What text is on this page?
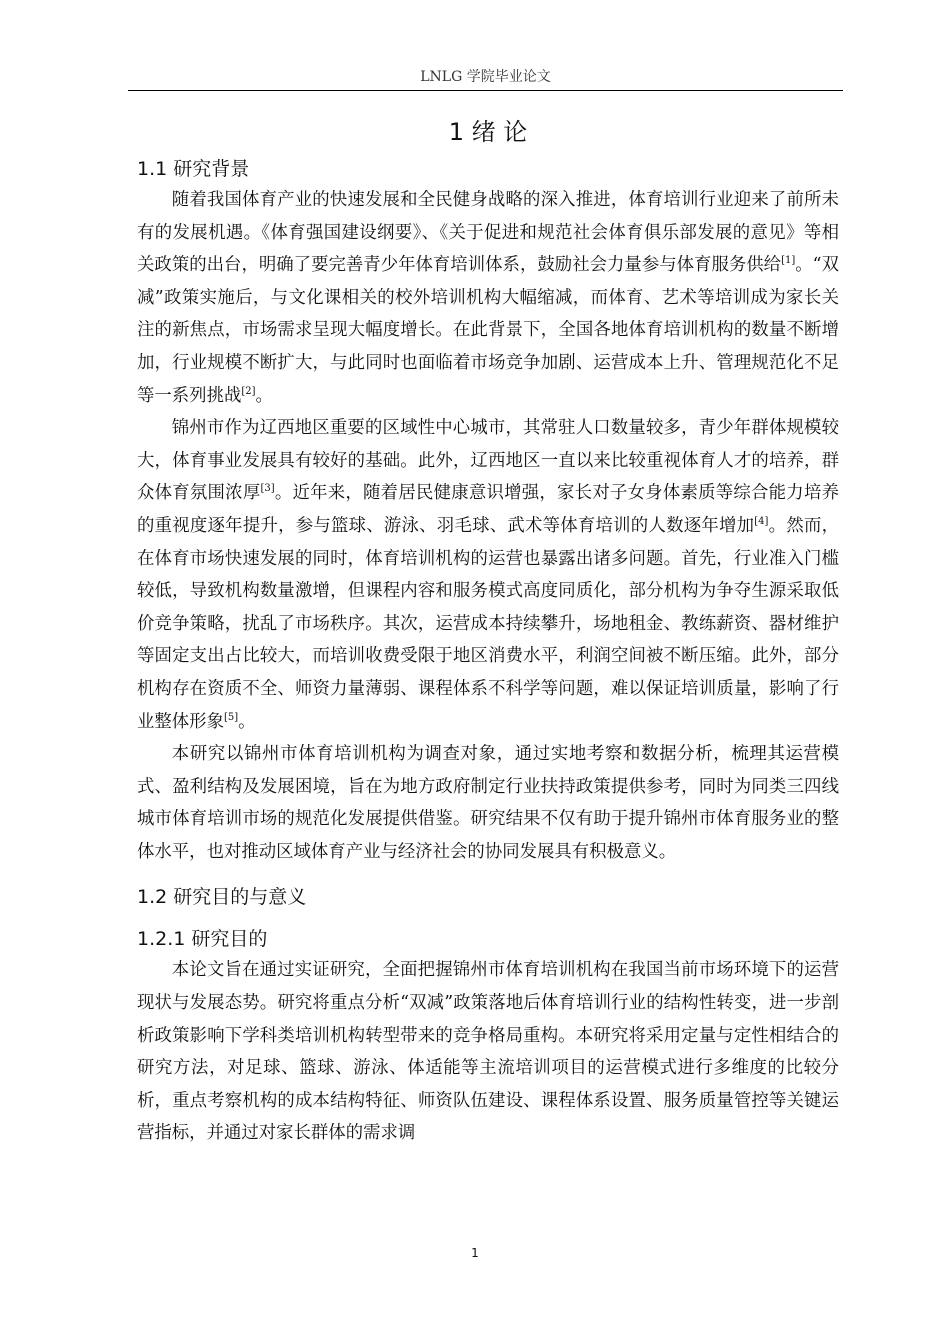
LNLG 学院毕业论文
1 绪 论
1.1 研究背景

随着我国体育产业的快速发展和全民健身战略的深入推进，体育培训行业迎来了前所未有的发展机遇。《体育强国建设纲要》、《关于促进和规范社会体育俱乐部发展的意见》等相关政策的出台，明确了要完善青少年体育培训体系，鼓励社会力量参与体育服务供给[1]。“双减”政策实施后，与文化课相关的校外培训机构大幅缩减，而体育、艺术等培训成为家长关注的新焦点，市场需求呈现大幅度增长。在此背景下，全国各地体育培训机构的数量不断增加，行业规模不断扩大，与此同时也面临着市场竞争加剧、运营成本上升、管理规范化不足等一系列挑战[2]。

锦州市作为辽西地区重要的区域性中心城市，其常驻人口数量较多，青少年群体规模较大，体育事业发展具有较好的基础。此外，辽西地区一直以来比较重视体育人才的培养，群众体育氛围浓厚[3]。近年来，随着居民健康意识增强，家长对子女身体素质等综合能力培养的重视度逐年提升，参与篮球、游泳、羽毛球、武术等体育培训的人数逐年增加[4]。然而，在体育市场快速发展的同时，体育培训机构的运营也暴露出诸多问题。首先，行业准入门槛较低，导致机构数量激增，但课程内容和服务模式高度同质化，部分机构为争夺生源采取低价竞争策略，扰乱了市场秩序。其次，运营成本持续攀升，场地租金、教练薪资、器材维护等固定支出占比较大，而培训收费受限于地区消费水平，利润空间被不断压缩。此外，部分机构存在资质不全、师资力量薄弱、课程体系不科学等问题，难以保证培训质量，影响了行业整体形象[5]。

本研究以锦州市体育培训机构为调查对象，通过实地考察和数据分析，梳理其运营模式、盈利结构及发展困境，旨在为地方政府制定行业扶持政策提供参考，同时为同类三四线城市体育培训市场的规范化发展提供借鉴。研究结果不仅有助于提升锦州市体育服务业的整体水平，也对推动区域体育产业与经济社会的协同发展具有积极意义。

1.2 研究目的与意义
1.2.1 研究目的

本论文旨在通过实证研究，全面把握锦州市体育培训机构在我国当前市场环境下的运营现状与发展态势。研究将重点分析“双减”政策落地后体育培训行业的结构性转变，进一步剖析政策影响下学科类培训机构转型带来的竞争格局重构。本研究将采用定量与定性相结合的研究方法，对足球、篮球、游泳、体适能等主流培训项目的运营模式进行多维度的比较分析，重点考察机构的成本结构特征、师资队伍建设、课程体系设置、服务质量管控等关键运营指标，并通过对家长群体的需求调

1
